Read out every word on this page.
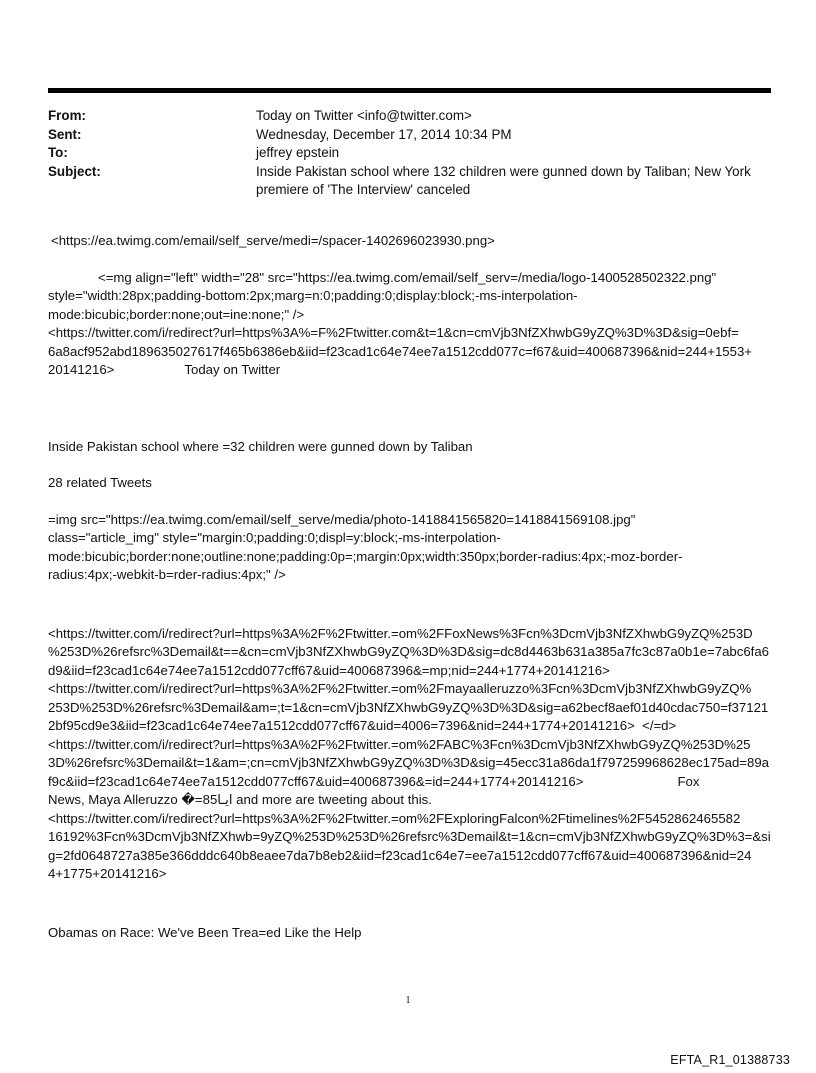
From:	Today on Twitter <info@twitter.com>
Sent:	Wednesday, December 17, 2014 10:34 PM
To:	jeffrey epstein
Subject:	Inside Pakistan school where 132 children were gunned down by Taliban; New York premiere of 'The Interview' canceled
<https://ea.twimg.com/email/self_serve/medi=/spacer-1402696023930.png>
<=mg align="left" width="28" src="https://ea.twimg.com/email/self_serv=/media/logo-1400528502322.png"
style="width:28px;padding-bottom:2px;marg=n:0;padding:0;display:block;-ms-interpolation-
mode:bicubic;border:none;out=ine:none;" />
<https://twitter.com/i/redirect?url=https%3A%=F%2Ftwitter.com&t=1&cn=cmVjb3NfZXhwbG9yZQ%3D%3D&sig=0ebf=
6a8acf952abd189635027617f465b6386eb&iid=f23cad1c64e74ee7a1512cdd077c=f67&uid=400687396&nid=244+1553+
20141216>	Today on Twitter
Inside Pakistan school where =32 children were gunned down by Taliban
28 related Tweets
=img src="https://ea.twimg.com/email/self_serve/media/photo-1418841565820=1418841569108.jpg"
class="article_img" style="margin:0;padding:0;displ=y:block;-ms-interpolation-
mode:bicubic;border:none;outline:none;padding:0p=;margin:0px;width:350px;border-radius:4px;-moz-border-
radius:4px;-webkit-b=rder-radius:4px;" />
<https://twitter.com/i/redirect?url=https%3A%2F%2Ftwitter.=om%2FFoxNews%3Fcn%3DcmVjb3NfZXhwbG9yZQ%253D
%253D%26refsrc%3Demail&t==&cn=cmVjb3NfZXhwbG9yZQ%3D%3D&sig=dc8d4463b631a385a7fc3c87a0b1e=7abc6fa6
d9&iid=f23cad1c64e74ee7a1512cdd077cff67&uid=400687396&=mp;nid=244+1774+20141216>
<https://twitter.com/i/redirect?url=https%3A%2F%2Ftwitter.=om%2Fmayaalleruzzo%3Fcn%3DcmVjb3NfZXhwbG9yZQ%
253D%253D%26refsrc%3Demail&am=;t=1&cn=cmVjb3NfZXhwbG9yZQ%3D%3D&sig=a62becf8aef01d40cdac750=f37121
2bf95cd9e3&iid=f23cad1c64e74ee7a1512cdd077cff67&uid=4006=7396&nid=244+1774+20141216>  </=d>
<https://twitter.com/i/redirect?url=https%3A%2F%2Ftwitter.=om%2FABC%3Fcn%3DcmVjb3NfZXhwbG9yZQ%253D%25
3D%26refsrc%3Demail&t=1&am=;cn=cmVjb3NfZXhwbG9yZQ%3D%3D&sig=45ecc31a86da1f797259968628ec175ad=89a
f9c&iid=f23cad1c64e74ee7a1512cdd077cff67&uid=400687396&=id=244+1774+20141216>	Fox
News, Maya Alleruzzo �=85ايـا and more are tweeting about this.
<https://twitter.com/i/redirect?url=https%3A%2F%2Ftwitter.=om%2FExploringFalcon%2Ftimelines%2F5452862465582
16192%3Fcn%3DcmVjb3NfZXhwb=9yZQ%253D%253D%26refsrc%3Demail&t=1&cn=cmVjb3NfZXhwbG9yZQ%3D%3=&si
g=2fd0648727a385e366dddc640b8eaee7da7b8eb2&iid=f23cad1c64e7=ee7a1512cdd077cff67&uid=400687396&nid=24
4+1775+20141216>
Obamas on Race: We've Been Trea=ed Like the Help
1
EFTA_R1_01388733
